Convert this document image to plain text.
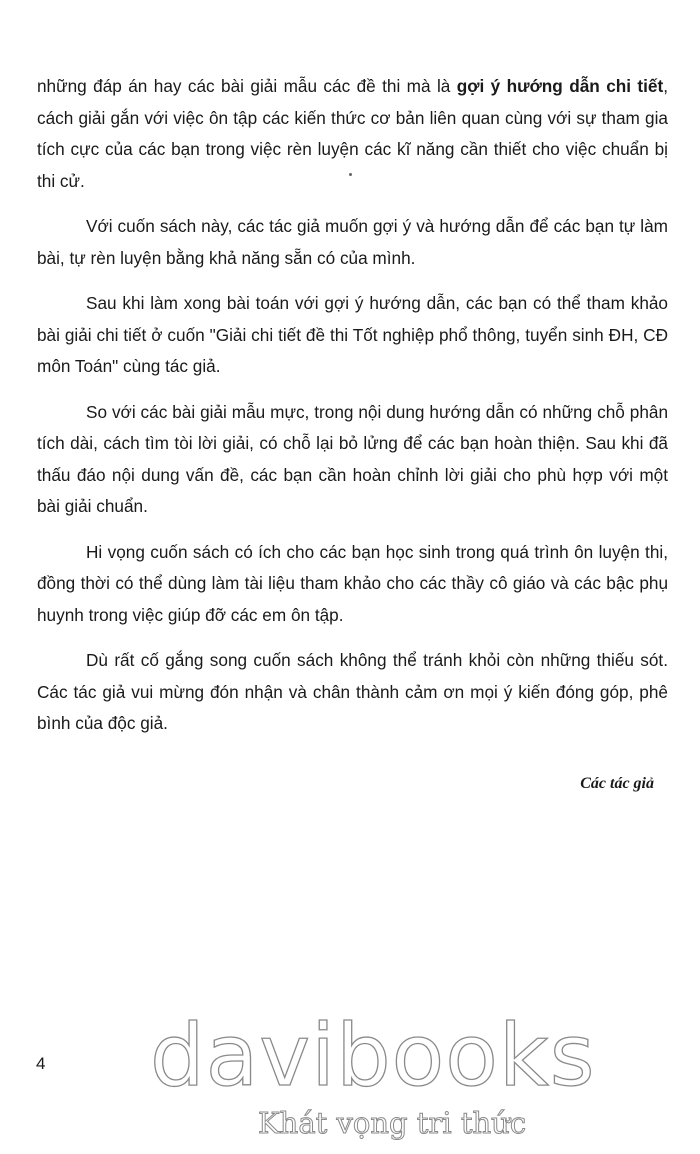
những đáp án hay các bài giải mẫu các đề thi mà là gợi ý hướng dẫn chi tiết, cách giải gắn với việc ôn tập các kiến thức cơ bản liên quan cùng với sự tham gia tích cực của các bạn trong việc rèn luyện các kĩ năng cần thiết cho việc chuẩn bị thi cử.

Với cuốn sách này, các tác giả muốn gợi ý và hướng dẫn để các bạn tự làm bài, tự rèn luyện bằng khả năng sẵn có của mình.

Sau khi làm xong bài toán với gợi ý hướng dẫn, các bạn có thể tham khảo bài giải chi tiết ở cuốn "Giải chi tiết đề thi Tốt nghiệp phổ thông, tuyển sinh ĐH, CĐ môn Toán" cùng tác giả.

So với các bài giải mẫu mực, trong nội dung hướng dẫn có những chỗ phân tích dài, cách tìm tòi lời giải, có chỗ lại bỏ lửng để các bạn hoàn thiện. Sau khi đã thấu đáo nội dung vấn đề, các bạn cần hoàn chỉnh lời giải cho phù hợp với một bài giải chuẩn.

Hi vọng cuốn sách có ích cho các bạn học sinh trong quá trình ôn luyện thi, đồng thời có thể dùng làm tài liệu tham khảo cho các thầy cô giáo và các bậc phụ huynh trong việc giúp đỡ các em ôn tập.

Dù rất cố gắng song cuốn sách không thể tránh khỏi còn những thiếu sót. Các tác giả vui mừng đón nhận và chân thành cảm ơn mọi ý kiến đóng góp, phê bình của độc giả.

Các tác giả
4 davibooks
Khát vọng tri thức
